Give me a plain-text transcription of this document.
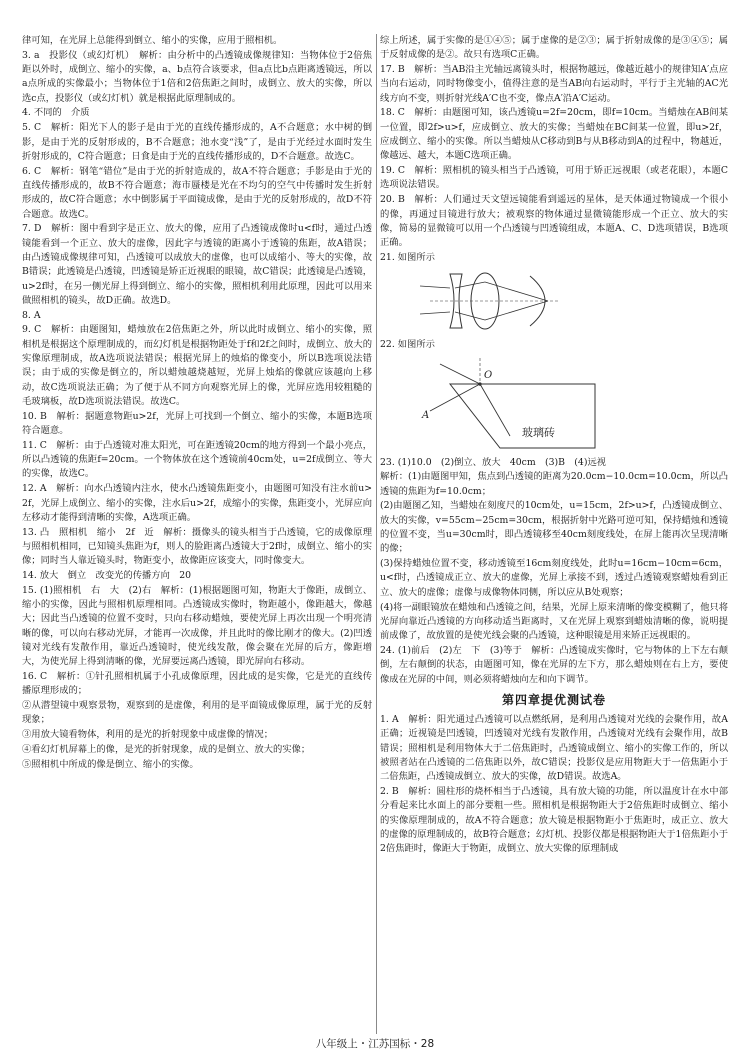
律可知，在光屏上总能得到倒立、缩小的实像，应用于照相机。
3. a　投影仪（或幻灯机）　解析：由分析中的凸透镜成像规律知：当物体位于2倍焦距以外时，成倒立、缩小的实像，a、b点符合该要求，但a点比b点距离透镜远，所以a点所成的实像最小；当物体位于1倍和2倍焦距之间时，成倒立、放大的实像，所以选c点，投影仪（或幻灯机）就是根据此原理制成的。
4. 不同的　介质
5. C　解析：阳光下人的影子是由于光的直线传播形成的，A不合题意；水中树的倒影，是由于光的反射形成的，B不合题意；池水变“浅”了，是由于光经过水面时发生折射形成的，C符合题意；日食是由于光的直线传播形成的，D不合题意。故选C。
6. C　解析：钢笔“错位”是由于光的折射造成的，故A不符合题意；手影是由于光的直线传播形成的，故B不符合题意；海市蜃楼是光在不均匀的空气中传播时发生折射形成的，故C符合题意；水中倒影属于平面镜成像，是由于光的反射形成的，故D不符合题意。故选C。
7. D　解析：图中看到字是正立、放大的像，应用了凸透镜成像时u<f时，通过凸透镜能看到一个正立、放大的虚像，因此字与透镜的距离小于透镜的焦距，故A错误；由凸透镜成像规律可知，凸透镜可以成放大的虚像，也可以成缩小、等大的实像，故B错误；此透镜是凸透镜，凹透镜是矫正近视眼的眼镜，故C错误；此透镜是凸透镜，u>2f时，在另一侧光屏上得到倒立、缩小的实像，照相机利用此原理，因此可以用来做照相机的镜头，故D正确。故选D。
8. A
9. C　解析：由题图知，蜡烛放在2倍焦距之外，所以此时成倒立、缩小的实像，照相机是根据这个原理制成的，而幻灯机是根据物距处于f和2f之间时，成倒立、放大的实像原理制成，故A选项说法错误；根据光屏上的烛焰的像变小，所以B选项说法错误；由于成的实像是倒立的，所以蜡烛越烧越短，光屏上烛焰的像就应该越向上移动，故C选项说法正确；为了便于从不同方向观察光屏上的像，光屏应选用较粗糙的毛玻璃板，故D选项说法错误。故选C。
10. B　解析：据题意物距u>2f，光屏上可找到一个倒立、缩小的实像，本题B选项符合题意。
11. C　解析：由于凸透镜对准太阳光，可在距透镜20cm的地方得到一个最小亮点，所以凸透镜的焦距f=20cm。一个物体放在这个透镜前40cm处，u=2f成倒立、等大的实像，故选C。
12. A　解析：向水凸透镜内注水，使水凸透镜焦距变小，由题图可知没有注水前u>2f，光屏上成倒立、缩小的实像，注水后u>2f，成缩小的实像，焦距变小，光屏应向左移动才能得到清晰的实像，A选项正确。
13. 凸　照相机　缩小　2f　近　解析：摄像头的镜头相当于凸透镜，它的成像原理与照相机相同，已知镜头焦距为f，则人的脸距离凸透镜大于2f时，成倒立、缩小的实像；同时当人靠近镜头时，物距变小，故像距应该变大，同时像变大。
14. 放大　倒立　改变光的传播方向　20
15. (1)照相机　右　大　(2)右　解析：(1)根据题图可知，物距大于像距，成倒立、缩小的实像，因此与照相机原理相同。凸透镜成实像时，物距越小，像距越大，像越大；因此当凸透镜的位置不变时，只向右移动蜡烛，要使光屏上再次出现一个明亮清晰的像，可以向右移动光屏，才能再一次成像，并且此时的像比刚才的像大。(2)凹透镜对光线有发散作用，靠近凸透镜时，使光线发散，像会聚在光屏的后方，像距增大，为使光屏上得到清晰的像，光屏要远离凸透镜，即光屏向右移动。
16. C　解析：①针孔照相机属于小孔成像原理，因此成的是实像，它是光的直线传播原理形成的；
②从潜望镜中观察景物，观察到的是虚像，利用的是平面镜成像原理，属于光的反射现象；
③用放大镜看物体，利用的是光的折射现象中成虚像的情况；
④看幻灯机屏幕上的像，是光的折射现象，成的是倒立、放大的实像；
⑤照相机中所成的像是倒立、缩小的实像。
综上所述，属于实像的是①④⑤；属于虚像的是②③；属于折射成像的是③④⑤；属于反射成像的是②。故只有选项C正确。
17. B　解析：当AB沿主光轴远离镜头时，根据物越远，像越近越小的规律知A′点应当向右运动，同时物像变小，值得注意的是当AB向右运动时，平行于主光轴的AC光线方向不变，则折射光线A′C也不变，像点A′沿A′C运动。
18. C　解析：由题图可知，该凸透镜u=2f=20cm，即f=10cm。当蜡烛在AB间某一位置，即2f>u>f，应成倒立、放大的实像；当蜡烛在BC间某一位置，即u>2f，应成倒立、缩小的实像。所以当蜡烛从C移动到B与从B移动到A的过程中，物越近，像越远、越大，本题C选项正确。
19. C　解析：照相机的镜头相当于凸透镜，可用于矫正远视眼（或老花眼），本题C选项说法错误。
20. B　解析：人们通过天文望远镜能看到遥远的星体，是天体通过物镜成一个很小的像，再通过目镜进行放大；被观察的物体通过显微镜能形成一个正立、放大的实像，简易的显微镜可以用一个凸透镜与凹透镜组成，本题A、C、D选项错误，B选项正确。
21. 如图所示
22. 如图所示
A
O
玻璃砖
23. (1)10.0　(2)倒立、放大　40cm　(3)B　(4)远视
解析：(1)由题图甲知，焦点到凸透镜的距离为20.0cm−10.0cm=10.0cm，所以凸透镜的焦距为f=10.0cm；
(2)由题图乙知，当蜡烛在刻度尺的10cm处，u=15cm，2f>u>f，凸透镜成倒立、放大的实像，v=55cm−25cm=30cm，根据折射中光路可逆可知，保持蜡烛和透镜的位置不变，当u=30cm时，即凸透镜移至40cm刻度线处，在屏上能再次呈现清晰的像；
(3)保持蜡烛位置不变，移动透镜至16cm刻度线处，此时u=16cm−10cm=6cm，u<f时，凸透镜成正立、放大的虚像，光屏上承接不到，透过凸透镜观察蜡烛看到正立、放大的虚像；虚像与成像物体同侧，所以应从B处观察；
(4)将一副眼镜放在蜡烛和凸透镜之间，结果，光屏上原来清晰的像变模糊了，他只将光屏向靠近凸透镜的方向移动适当距离时，又在光屏上观察到蜡烛清晰的像，说明提前成像了，故放置的是使光线会聚的凸透镜，这种眼镜是用来矫正远视眼的。
24. (1)前后　(2)左　下　(3)等于　解析：凸透镜成实像时，它与物体的上下左右颠倒，左右颠倒的状态，由题图可知，像在光屏的左下方，那么蜡烛则在右上方，要使像成在光屏的中间，则必须将蜡烛向左和向下调节。
第四章提优测试卷
1. A　解析：阳光通过凸透镜可以点燃纸屑，是利用凸透镜对光线的会聚作用，故A正确；近视镜是凹透镜，凹透镜对光线有发散作用，凸透镜对光线有会聚作用，故B错误；照相机是利用物体大于二倍焦距时，凸透镜成倒立、缩小的实像工作的，所以被照者站在凸透镜的二倍焦距以外，故C错误；投影仪是应用物距大于一倍焦距小于二倍焦距，凸透镜成倒立、放大的实像，故D错误。故选A。
2. B　解析：圆柱形的烧杯相当于凸透镜，具有放大镜的功能，所以温度计在水中部分看起来比水面上的部分要粗一些。照相机是根据物距大于2倍焦距时成倒立、缩小的实像原理制成的，故A不符合题意；放大镜是根据物距小于焦距时，成正立、放大的虚像的原理制成的，故B符合题意；幻灯机、投影仪都是根据物距大于1倍焦距小于2倍焦距时，像距大于物距，成倒立、放大实像的原理制成
八年级上・江苏国标・28
